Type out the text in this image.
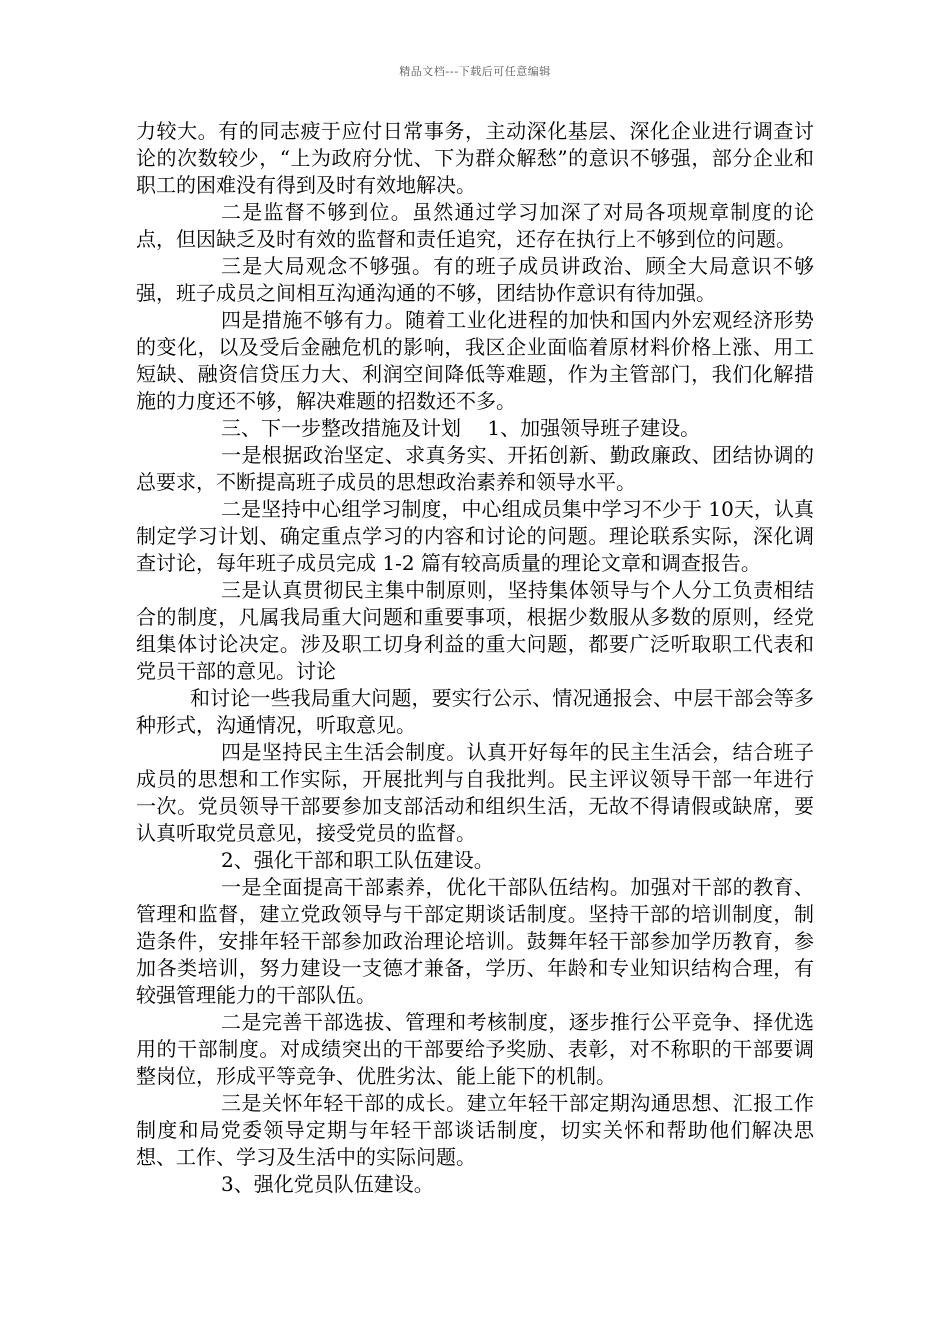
精品文档---下载后可任意编辑

力较大。有的同志疲于应付日常事务，主动深化基层、深化企业进行调查讨论的次数较少，“上为政府分忧、下为群众解愁”的意识不够强，部分企业和职工的困难没有得到及时有效地解决。

二是监督不够到位。虽然通过学习加深了对局各项规章制度的论点，但因缺乏及时有效的监督和责任追究，还存在执行上不够到位的问题。

三是大局观念不够强。有的班子成员讲政治、顾全大局意识不够强，班子成员之间相互沟通沟通的不够，团结协作意识有待加强。

四是措施不够有力。随着工业化进程的加快和国内外宏观经济形势的变化，以及受后金融危机的影响，我区企业面临着原材料价格上涨、用工短缺、融资信贷压力大、利润空间降低等难题，作为主管部门，我们化解措施的力度还不够，解决难题的招数还不多。

三、下一步整改措施及计划　 1、加强领导班子建设。

一是根据政治坚定、求真务实、开拓创新、勤政廉政、团结协调的总要求，不断提高班子成员的思想政治素养和领导水平。

二是坚持中心组学习制度，中心组成员集中学习不少于 10天，认真制定学习计划、确定重点学习的内容和讨论的问题。理论联系实际，深化调查讨论，每年班子成员完成 1-2 篇有较高质量的理论文章和调查报告。

三是认真贯彻民主集中制原则，坚持集体领导与个人分工负责相结合的制度，凡属我局重大问题和重要事项，根据少数服从多数的原则，经党组集体讨论决定。涉及职工切身利益的重大问题，都要广泛听取职工代表和党员干部的意见。讨论

和讨论一些我局重大问题，要实行公示、情况通报会、中层干部会等多种形式，沟通情况，听取意见。

四是坚持民主生活会制度。认真开好每年的民主生活会，结合班子成员的思想和工作实际，开展批判与自我批判。民主评议领导干部一年进行一次。党员领导干部要参加支部活动和组织生活，无故不得请假或缺席，要认真听取党员意见，接受党员的监督。

2、强化干部和职工队伍建设。

一是全面提高干部素养，优化干部队伍结构。加强对干部的教育、管理和监督，建立党政领导与干部定期谈话制度。坚持干部的培训制度，制造条件，安排年轻干部参加政治理论培训。鼓舞年轻干部参加学历教育，参加各类培训，努力建设一支德才兼备，学历、年龄和专业知识结构合理，有较强管理能力的干部队伍。

二是完善干部选拔、管理和考核制度，逐步推行公平竞争、择优选用的干部制度。对成绩突出的干部要给予奖励、表彰，对不称职的干部要调整岗位，形成平等竞争、优胜劣汰、能上能下的机制。

三是关怀年轻干部的成长。建立年轻干部定期沟通思想、汇报工作制度和局党委领导定期与年轻干部谈话制度，切实关怀和帮助他们解决思想、工作、学习及生活中的实际问题。

3、强化党员队伍建设。
